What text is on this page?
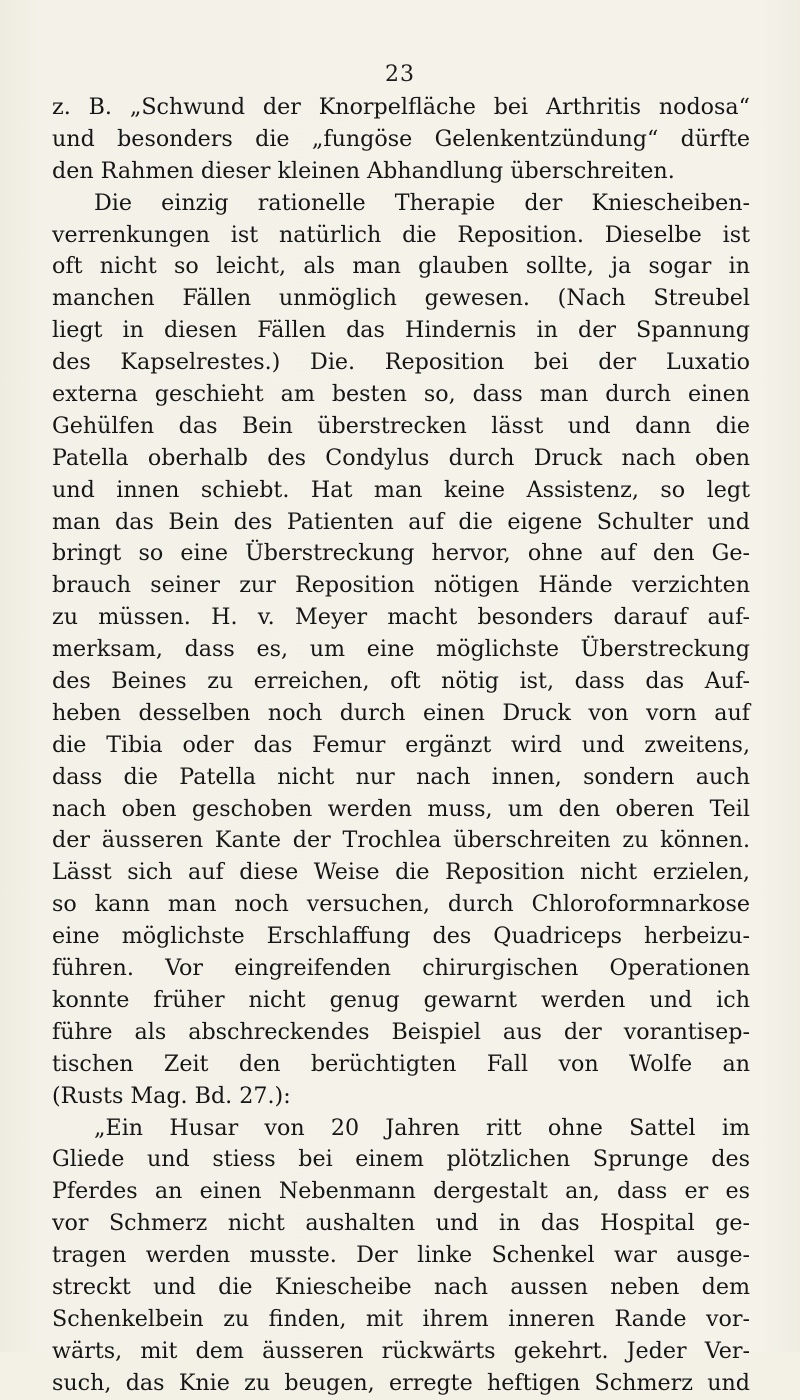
23
z. B. „Schwund der Knorpelfläche bei Arthritis nodosa“
und besonders die „fungöse Gelenkentzündung“ dürfte
den Rahmen dieser kleinen Abhandlung überschreiten.
Die einzig rationelle Therapie der Kniescheiben-
verrenkungen ist natürlich die Reposition. Dieselbe ist
oft nicht so leicht, als man glauben sollte, ja sogar in
manchen Fällen unmöglich gewesen. (Nach Streubel
liegt in diesen Fällen das Hindernis in der Spannung
des Kapselrestes.) Die. Reposition bei der Luxatio
externa geschieht am besten so, dass man durch einen
Gehülfen das Bein überstrecken lässt und dann die
Patella oberhalb des Condylus durch Druck nach oben
und innen schiebt. Hat man keine Assistenz, so legt
man das Bein des Patienten auf die eigene Schulter und
bringt so eine Überstreckung hervor, ohne auf den Ge-
brauch seiner zur Reposition nötigen Hände verzichten
zu müssen. H. v. Meyer macht besonders darauf auf-
merksam, dass es, um eine möglichste Überstreckung
des Beines zu erreichen, oft nötig ist, dass das Auf-
heben desselben noch durch einen Druck von vorn auf
die Tibia oder das Femur ergänzt wird und zweitens,
dass die Patella nicht nur nach innen, sondern auch
nach oben geschoben werden muss, um den oberen Teil
der äusseren Kante der Trochlea überschreiten zu können.
Lässt sich auf diese Weise die Reposition nicht erzielen,
so kann man noch versuchen, durch Chloroformnarkose
eine möglichste Erschlaffung des Quadriceps herbeizu-
führen. Vor eingreifenden chirurgischen Operationen
konnte früher nicht genug gewarnt werden und ich
führe als abschreckendes Beispiel aus der vorantisep-
tischen Zeit den berüchtigten Fall von Wolfe an
(Rusts Mag. Bd. 27.):
„Ein Husar von 20 Jahren ritt ohne Sattel im
Gliede und stiess bei einem plötzlichen Sprunge des
Pferdes an einen Nebenmann dergestalt an, dass er es
vor Schmerz nicht aushalten und in das Hospital ge-
tragen werden musste. Der linke Schenkel war ausge-
streckt und die Kniescheibe nach aussen neben dem
Schenkelbein zu finden, mit ihrem inneren Rande vor-
wärts, mit dem äusseren rückwärts gekehrt. Jeder Ver-
such, das Knie zu beugen, erregte heftigen Schmerz und
